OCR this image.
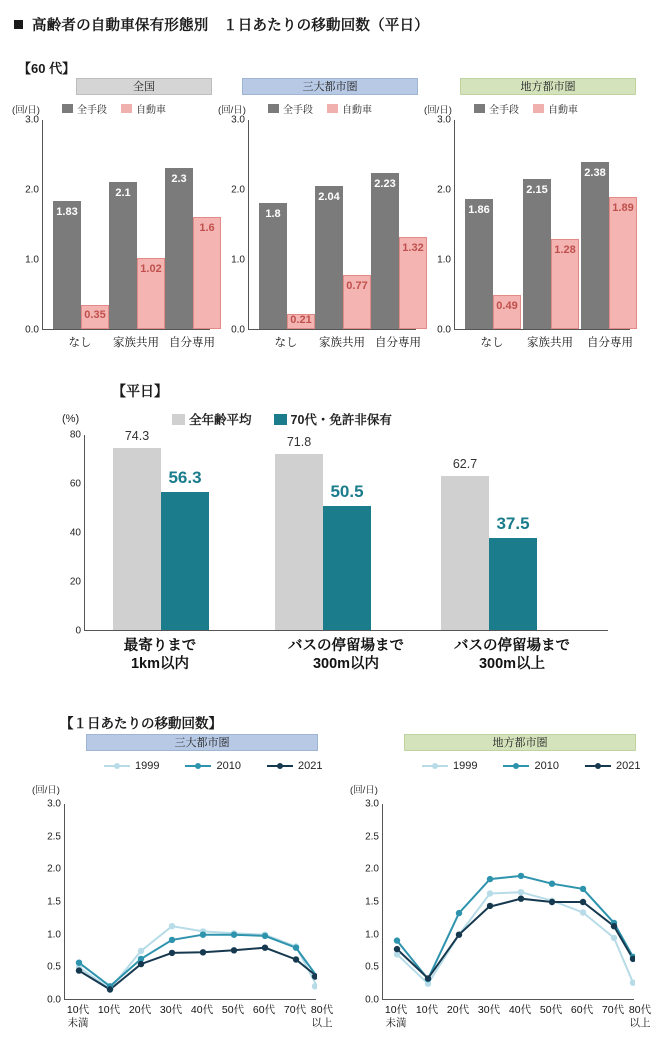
高齢者の自動車保有形態別　１日あたりの移動回数（平日）
【60 代】
全国
(回/日)	全手段	自動車
0.0
1.0
2.0
3.0
1.83
0.35
2.1
1.02
2.3
1.6
なし 家族共用 自分専用
三大都市圏
(回/日)	全手段	自動車
0.0
1.0
2.0
3.0
1.8
0.21
2.04
0.77
2.23
1.32
なし 家族共用 自分専用
地方都市圏
(回/日)	全手段	自動車
0.0
1.0
2.0
3.0
1.86
0.49
2.15
1.28
2.38
1.89
なし 家族共用 自分専用
【平日】
(%)	全年齢平均	70代・免許非保有
0
20
40
60
80	74.3
56.3
71.8
50.5
62.7
37.5
最寄りまで
1km以内
バスの停留場まで
300m以内
バスの停留場まで
300m以上
【１日あたりの移動回数】
三大都市圏
1999	2010	2021
(回/日)
0.0
0.5
1.0
1.5
2.0
2.5
3.0
10代
未満
10代 20代 30代 40代 50代 60代 70代 80代
以上
地方都市圏
1999	2010	2021
(回/日)
0.0
0.5
1.0
1.5
2.0
2.5
3.0
10代
未満
10代 20代 30代 40代 50代 60代 70代 80代
以上
